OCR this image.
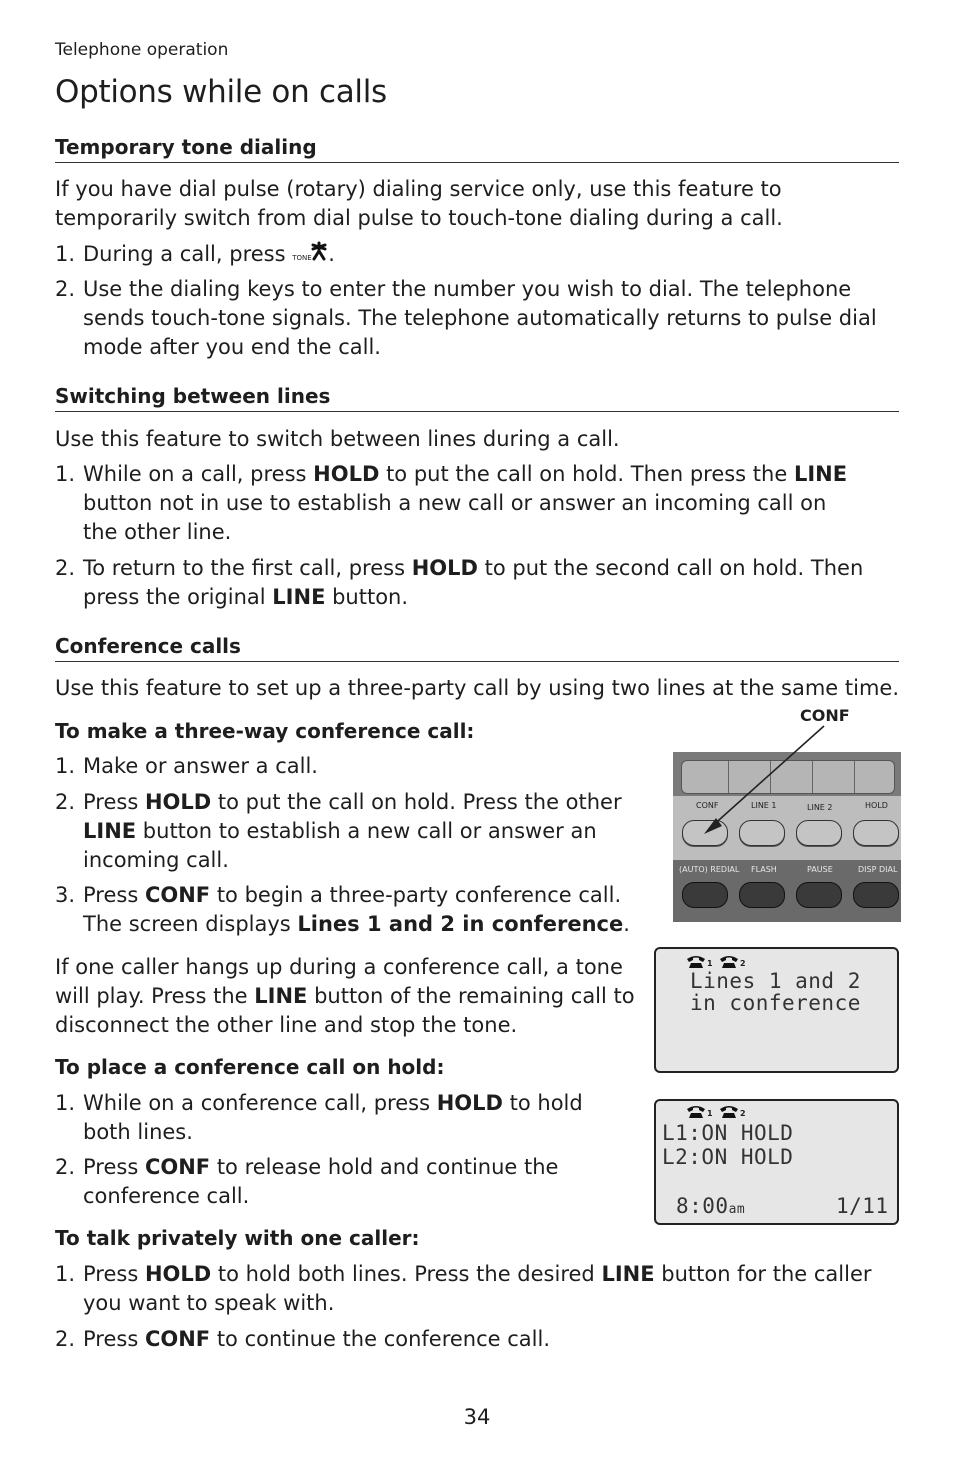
Telephone operation
Options while on calls
Temporary tone dialing
If you have dial pulse (rotary) dialing service only, use this feature to
temporarily switch from dial pulse to touch-tone dialing during a call.
1. During a call, press TONE .
2. Use the dialing keys to enter the number you wish to dial. The telephone
sends touch-tone signals. The telephone automatically returns to pulse dial
mode after you end the call.
Switching between lines
Use this feature to switch between lines during a call.
1. While on a call, press HOLD to put the call on hold. Then press the LINE
button not in use to establish a new call or answer an incoming call on
the other line.
2. To return to the first call, press HOLD to put the second call on hold. Then
press the original LINE button.
Conference calls
Use this feature to set up a three-party call by using two lines at the same time.
To make a three-way conference call:
1. Make or answer a call.
2. Press HOLD to put the call on hold. Press the other
LINE button to establish a new call or answer an
incoming call.
3. Press CONF to begin a three-party conference call.
The screen displays Lines 1 and 2 in conference.
If one caller hangs up during a conference call, a tone
will play. Press the LINE button of the remaining call to
disconnect the other line and stop the tone.
To place a conference call on hold:
1. While on a conference call, press HOLD to hold
both lines.
2. Press CONF to release hold and continue the
conference call.
To talk privately with one caller:
1. Press HOLD to hold both lines. Press the desired LINE button for the caller
you want to speak with.
2. Press CONF to continue the conference call.
CONF
CONF	LINE 1	LINE 2	HOLD
(AUTO) REDIAL FLASH	PAUSE	DISP DIAL
1	2
Lines 1 and 2
in conference
1	2
L1:ON HOLD
L2:ON HOLD
8:00am	1/11
34
